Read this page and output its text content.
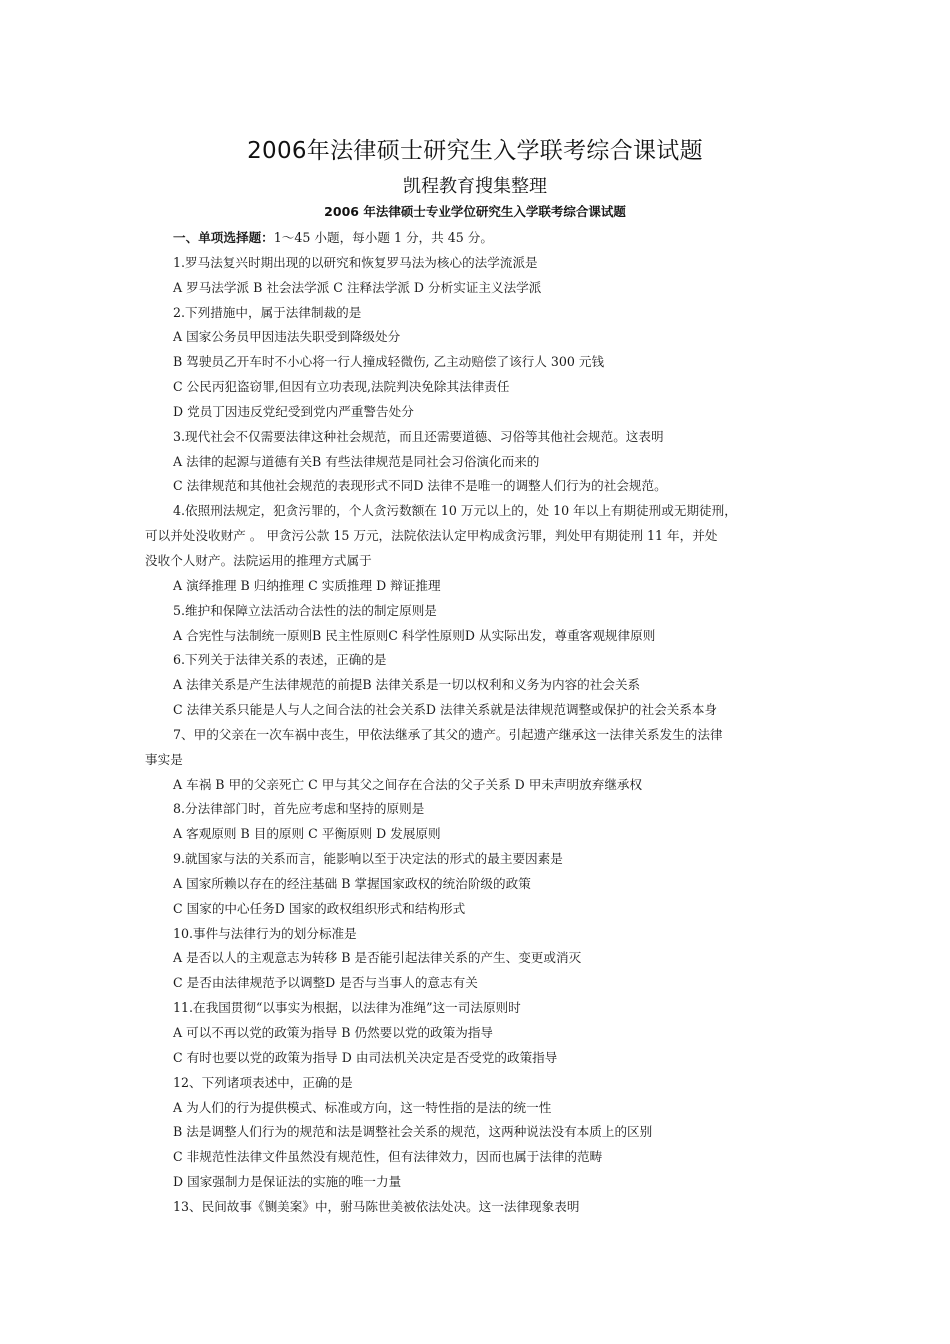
2006年法律硕士研究生入学联考综合课试题
凯程教育搜集整理
2006 年法律硕士专业学位研究生入学联考综合课试题
一、单项选择题：1～45 小题，每小题 1 分，共 45 分。
1.罗马法复兴时期出现的以研究和恢复罗马法为核心的法学流派是
A 罗马法学派 B 社会法学派 C 注释法学派 D 分析实证主义法学派
2.下列措施中，属于法律制裁的是
A 国家公务员甲因违法失职受到降级处分
B 驾驶员乙开车时不小心将一行人撞成轻微伤, 乙主动赔偿了该行人 300 元钱
C 公民丙犯盗窃罪,但因有立功表现,法院判决免除其法律责任
D 党员丁因违反党纪受到党内严重警告处分
3.现代社会不仅需要法律这种社会规范，而且还需要道德、习俗等其他社会规范。这表明
A 法律的起源与道德有关B 有些法律规范是同社会习俗演化而来的
C 法律规范和其他社会规范的表现形式不同D 法律不是唯一的调整人们行为的社会规范。
4.依照刑法规定，犯贪污罪的，个人贪污数额在 10 万元以上的，处 10 年以上有期徒刑或无期徒刑，
可以并处没收财产 。 甲贪污公款 15 万元，法院依法认定甲构成贪污罪，判处甲有期徒刑 11 年，并处
没收个人财产。法院运用的推理方式属于
A 演绎推理 B 归纳推理 C 实质推理 D 辩证推理
5.维护和保障立法活动合法性的法的制定原则是
A 合宪性与法制统一原则B 民主性原则C 科学性原则D 从实际出发，尊重客观规律原则
6.下列关于法律关系的表述，正确的是
A 法律关系是产生法律规范的前提B 法律关系是一切以权利和义务为内容的社会关系
C 法律关系只能是人与人之间合法的社会关系D 法律关系就是法律规范调整或保护的社会关系本身
7、甲的父亲在一次车祸中丧生，甲依法继承了其父的遗产。引起遗产继承这一法律关系发生的法律
事实是
A 车祸 B 甲的父亲死亡 C 甲与其父之间存在合法的父子关系 D 甲未声明放弃继承权
8.分法律部门时，首先应考虑和坚持的原则是
A 客观原则 B 目的原则 C 平衡原则 D 发展原则
9.就国家与法的关系而言，能影响以至于决定法的形式的最主要因素是
A 国家所赖以存在的经注基础 B 掌握国家政权的统治阶级的政策
C 国家的中心任务D 国家的政权组织形式和结构形式
10.事件与法律行为的划分标准是
A 是否以人的主观意志为转移 B 是否能引起法律关系的产生、变更或消灭
C 是否由法律规范予以调整D 是否与当事人的意志有关
11.在我国贯彻“以事实为根据，以法律为准绳”这一司法原则时
A 可以不再以党的政策为指导 B 仍然要以党的政策为指导
C 有时也要以党的政策为指导 D 由司法机关决定是否受党的政策指导
12、下列诸项表述中，正确的是
A 为人们的行为提供模式、标准或方向，这一特性指的是法的统一性
B 法是调整人们行为的规范和法是调整社会关系的规范，这两种说法没有本质上的区别
C 非规范性法律文件虽然没有规范性，但有法律效力，因而也属于法律的范畴
D 国家强制力是保证法的实施的唯一力量
13、民间故事《铡美案》中，驸马陈世美被依法处决。这一法律现象表明
